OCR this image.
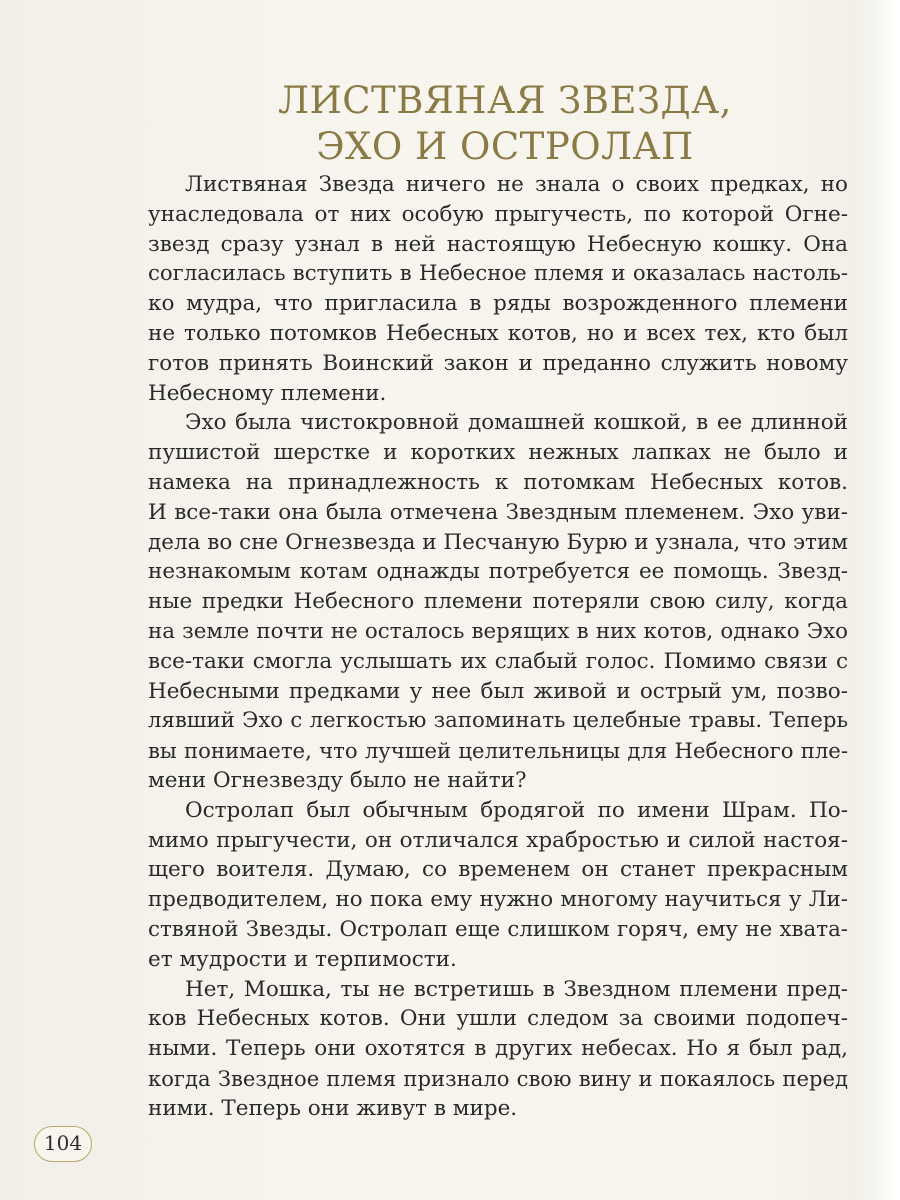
ЛИСТВЯНАЯ ЗВЕЗДА,
ЭХО И ОСТРОЛАП
Листвяная Звезда ничего не знала о своих предках, но
унаследовала от них особую прыгучесть, по которой Огне-
звезд сразу узнал в ней настоящую Небесную кошку. Она
согласилась вступить в Небесное племя и оказалась настоль-
ко мудра, что пригласила в ряды возрожденного племени
не только потомков Небесных котов, но и всех тех, кто был
готов принять Воинский закон и преданно служить новому
Небесному племени.
Эхо была чистокровной домашней кошкой, в ее длинной
пушистой шерстке и коротких нежных лапках не было и
намека на принадлежность к потомкам Небесных котов.
И все-таки она была отмечена Звездным племенем. Эхо уви-
дела во сне Огнезвезда и Песчаную Бурю и узнала, что этим
незнакомым котам однажды потребуется ее помощь. Звезд-
ные предки Небесного племени потеряли свою силу, когда
на земле почти не осталось верящих в них котов, однако Эхо
все-таки смогла услышать их слабый голос. Помимо связи с
Небесными предками у нее был живой и острый ум, позво-
лявший Эхо с легкостью запоминать целебные травы. Теперь
вы понимаете, что лучшей целительницы для Небесного пле-
мени Огнезвезду было не найти?
Остролап был обычным бродягой по имени Шрам. По-
мимо прыгучести, он отличался храбростью и силой настоя-
щего воителя. Думаю, со временем он станет прекрасным
предводителем, но пока ему нужно многому научиться у Ли-
ствяной Звезды. Остролап еще слишком горяч, ему не хвата-
ет мудрости и терпимости.
Нет, Мошка, ты не встретишь в Звездном племени пред-
ков Небесных котов. Они ушли следом за своими подопеч-
ными. Теперь они охотятся в других небесах. Но я был рад,
когда Звездное племя признало свою вину и покаялось перед
ними. Теперь они живут в мире.
104
